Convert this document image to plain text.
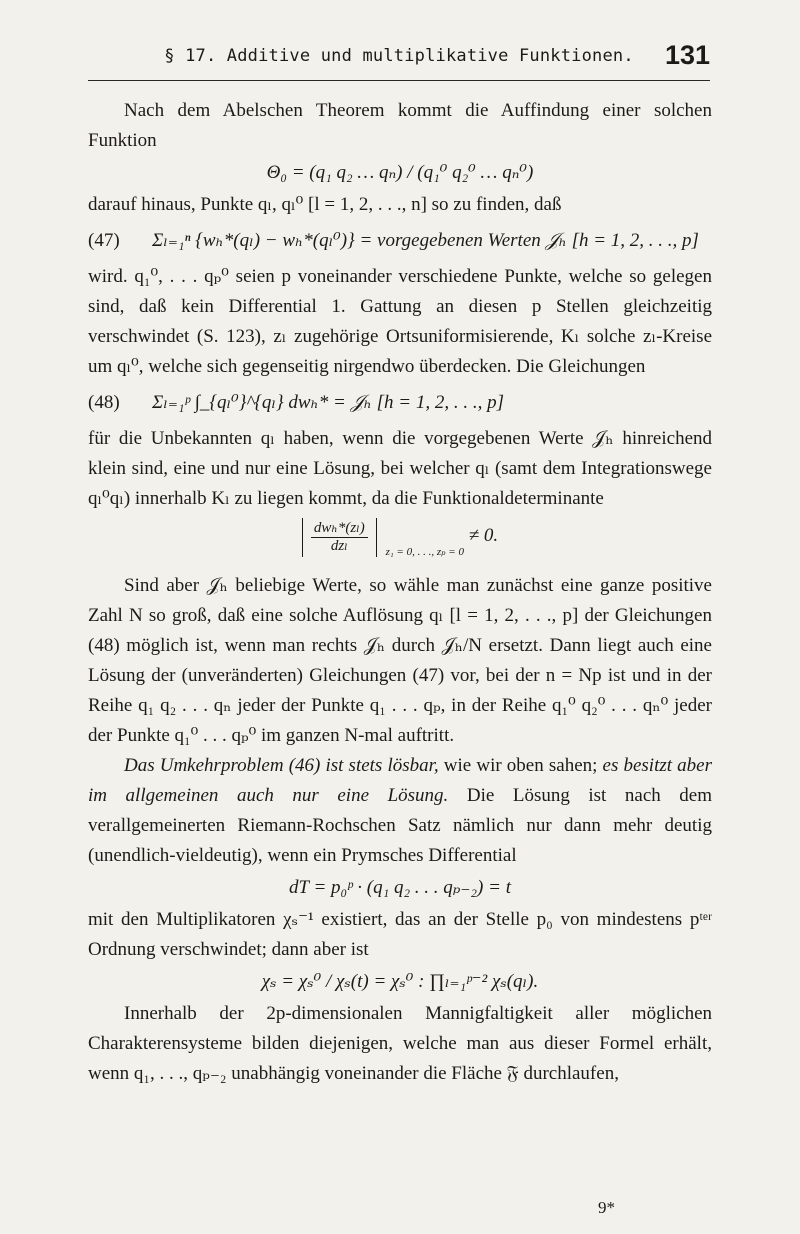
§ 17. Additive und multiplikative Funktionen.	131

Nach dem Abelschen Theorem kommt die Auffindung einer solchen Funktion

Θ₀ = (q₁ q₂ … qₙ) / (q₁⁰ q₂⁰ … qₙ⁰)

darauf hinaus, Punkte qₗ, qₗ⁰ [l = 1, 2, . . ., n] so zu finden, daß

(47)	Σₗ₌₁ⁿ {wₕ*(qₗ) − wₕ*(qₗ⁰)} = vorgegebenen Werten 𝒥ₕ [h = 1, 2, . . ., p]

wird. q₁⁰, . . . qₚ⁰ seien p voneinander verschiedene Punkte, welche so gelegen sind, daß kein Differential 1. Gattung an diesen p Stellen gleichzeitig verschwindet (S. 123), zₗ zugehörige Ortsuniformisierende, Kₗ solche zₗ-Kreise um qₗ⁰, welche sich gegenseitig nirgendwo überdecken. Die Gleichungen

(48)	Σₗ₌₁ᵖ ∫_{qₗ⁰}^{qₗ} dwₕ* = 𝒥ₕ [h = 1, 2, . . ., p]

für die Unbekannten qₗ haben, wenn die vorgegebenen Werte 𝒥ₕ hinreichend klein sind, eine und nur eine Lösung, bei welcher qₗ (samt dem Integrationswege qₗ⁰qₗ) innerhalb Kₗ zu liegen kommt, da die Funktionaldeterminante

$\frac{\text{dwₕ*(zₗ)}}{\text{dzₗ}} _{z_1 = 0, . . ., z_p = 0} \ne 0$.

Sind aber 𝒥ₕ beliebige Werte, so wähle man zunächst eine ganze positive Zahl N so groß, daß eine solche Auflösung qₗ [l = 1, 2, . . ., p] der Gleichungen (48) möglich ist, wenn man rechts 𝒥ₕ durch 𝒥ₕ/N ersetzt. Dann liegt auch eine Lösung der (unveränderten) Gleichungen (47) vor, bei der n = Np ist und in der Reihe q₁ q₂ . . . qₙ jeder der Punkte q₁ . . . qₚ, in der Reihe q₁⁰ q₂⁰ . . . qₙ⁰ jeder der Punkte q₁⁰ . . . qₚ⁰ im ganzen N-mal auftritt.

Das Umkehrproblem (46) ist stets lösbar, wie wir oben sahen; es besitzt aber im allgemeinen auch nur eine Lösung. Die Lösung ist nach dem verallgemeinerten Riemann-Rochschen Satz nämlich nur dann mehr deutig (unendlich-vieldeutig), wenn ein Prymsches Differential

dT = p₀ᵖ · (q₁ q₂ . . . qₚ₋₂) = t

mit den Multiplikatoren χₛ⁻¹ existiert, das an der Stelle p₀ von mindestens pᵗᵉʳ Ordnung verschwindet; dann aber ist

χₛ = χₛ⁰ / χₛ(t) = χₛ⁰ : ∏ₗ₌₁ᵖ⁻² χₛ(qₗ).

Innerhalb der 2p-dimensionalen Mannigfaltigkeit aller möglichen Charakterensysteme bilden diejenigen, welche man aus dieser Formel erhält, wenn q₁, . . ., qₚ₋₂ unabhängig voneinander die Fläche 𝔉 durchlaufen,

9*
